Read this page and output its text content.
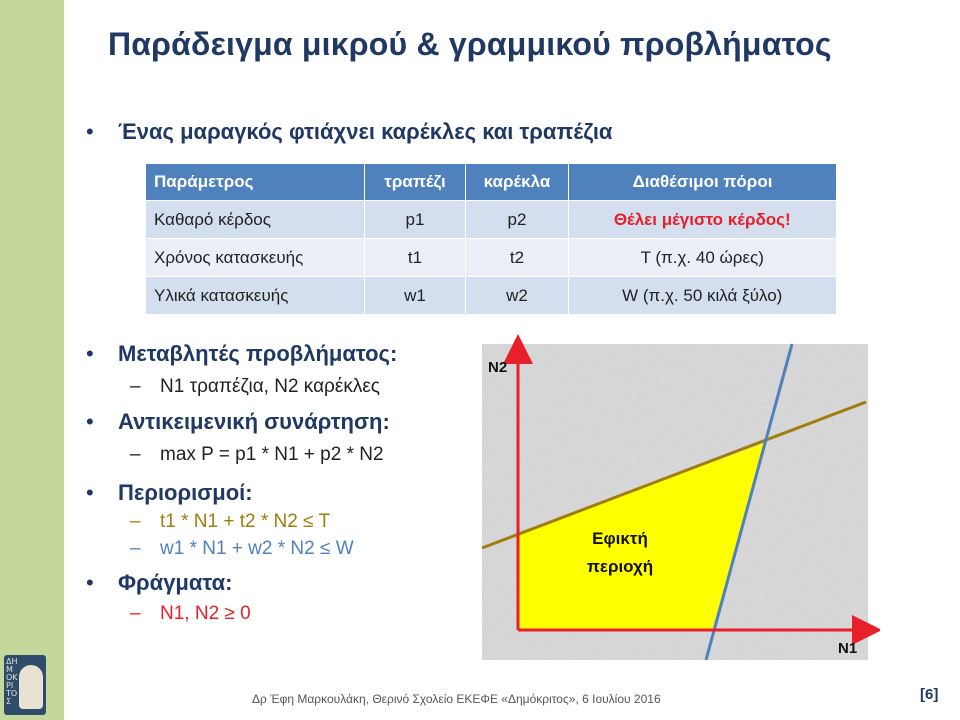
ΔΗΜΟΚΡΙΤΟΣ
Παράδειγμα μικρού & γραμμικού προβλήματος
• Ένας μαραγκός φτιάχνει καρέκλες και τραπέζια
Παράμετρος	τραπέζι	καρέκλα	Διαθέσιμοι πόροι
Καθαρό κέρδος	p1	p2	Θέλει μέγιστο κέρδος!
Χρόνος κατασκευής	t1	t2	Τ (π.χ. 40 ώρες)
Υλικά κατασκευής	w1	w2	W (π.χ. 50 κιλά ξύλο)
• Μεταβλητές προβλήματος:
– Ν1 τραπέζια, Ν2 καρέκλες
• Αντικειμενική συνάρτηση:
– max P = p1 * N1 + p2 * N2
• Περιορισμοί:
– t1 * N1 + t2 * N2 ≤ T
– w1 * N1 + w2 * N2 ≤ W
• Φράγματα:
– Ν1, Ν2 ≥ 0
N2
N1
Εφικτή
περιοχή
Δρ Έφη Μαρκουλάκη, Θερινό Σχολείο ΕΚΕΦΕ «Δημόκριτος», 6 Ιουλίου 2016	[6]
